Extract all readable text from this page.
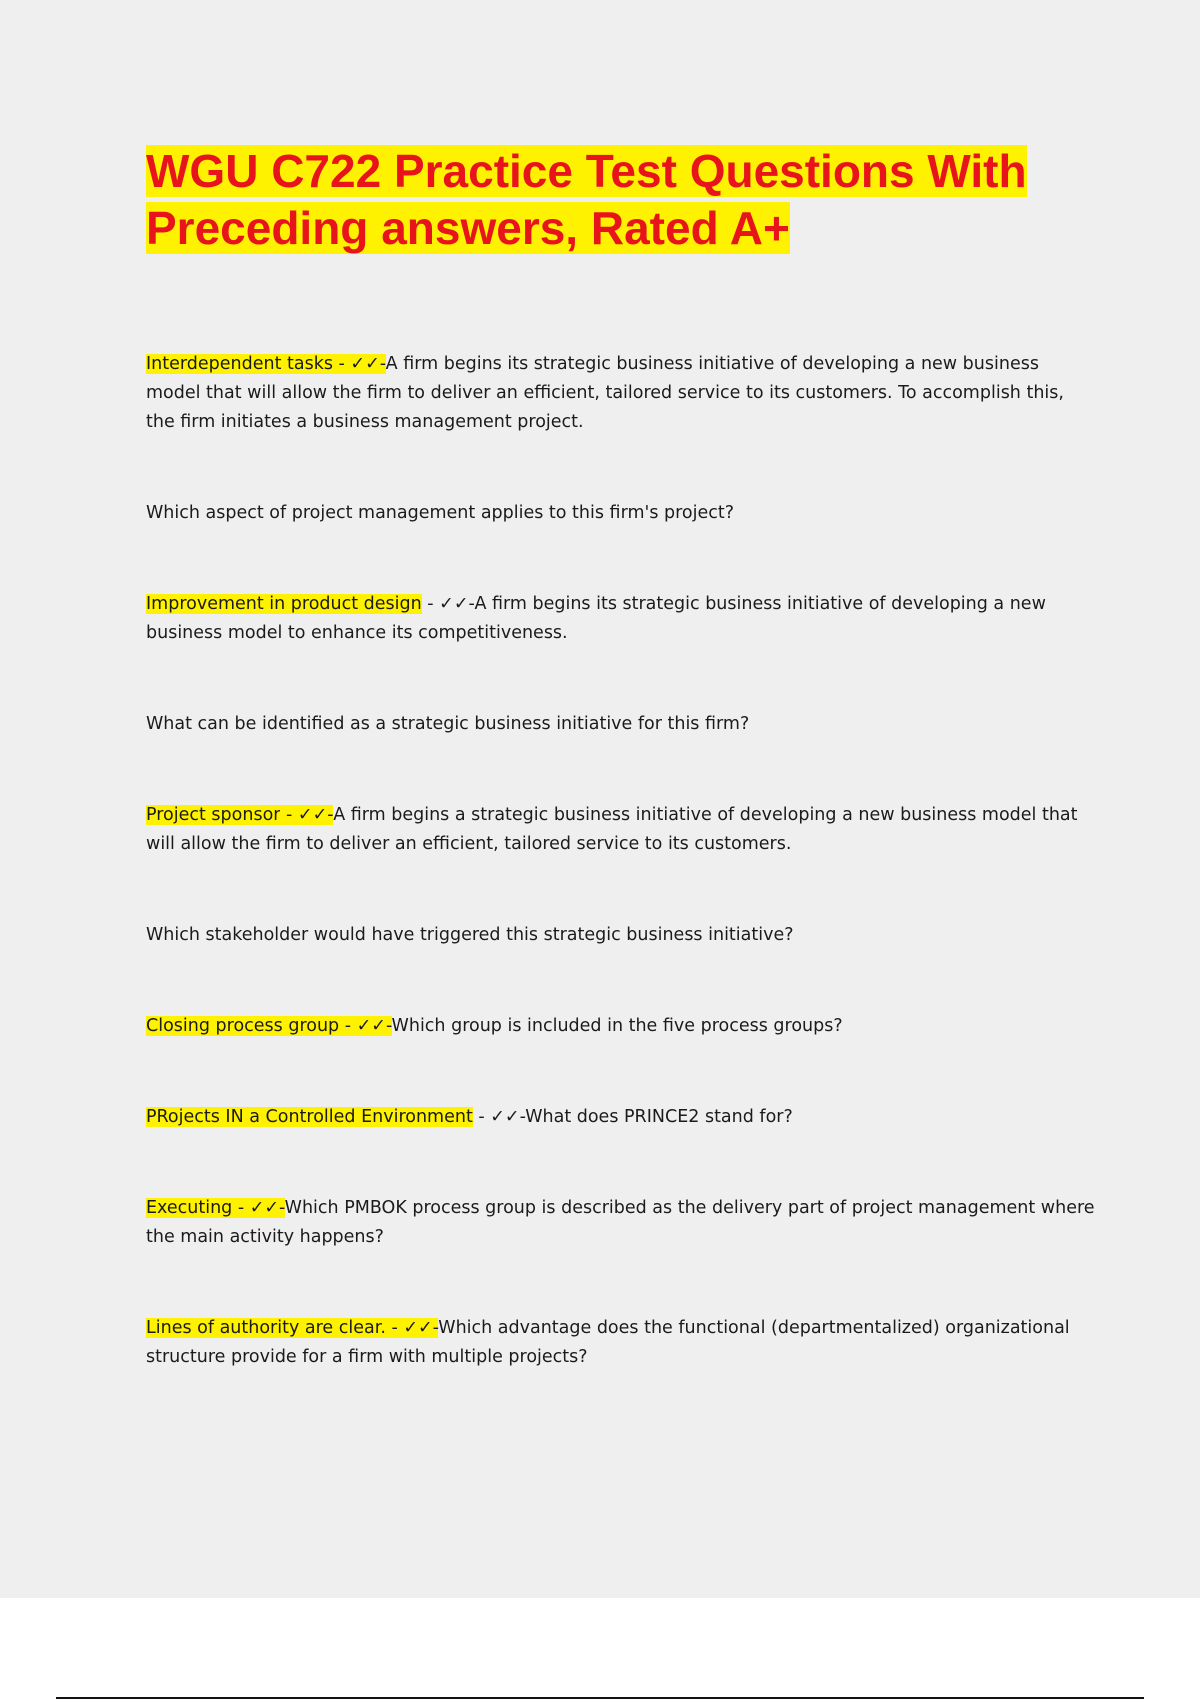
WGU C722 Practice Test Questions With Preceding answers, Rated A+

Interdependent tasks - ✓✓-A firm begins its strategic business initiative of developing a new business model that will allow the firm to deliver an efficient, tailored service to its customers. To accomplish this, the firm initiates a business management project.

Which aspect of project management applies to this firm's project?

Improvement in product design - ✓✓-A firm begins its strategic business initiative of developing a new business model to enhance its competitiveness.

What can be identified as a strategic business initiative for this firm?

Project sponsor - ✓✓-A firm begins a strategic business initiative of developing a new business model that will allow the firm to deliver an efficient, tailored service to its customers.

Which stakeholder would have triggered this strategic business initiative?

Closing process group - ✓✓-Which group is included in the five process groups?

PRojects IN a Controlled Environment - ✓✓-What does PRINCE2 stand for?

Executing - ✓✓-Which PMBOK process group is described as the delivery part of project management where the main activity happens?

Lines of authority are clear. - ✓✓-Which advantage does the functional (departmentalized) organizational structure provide for a firm with multiple projects?
